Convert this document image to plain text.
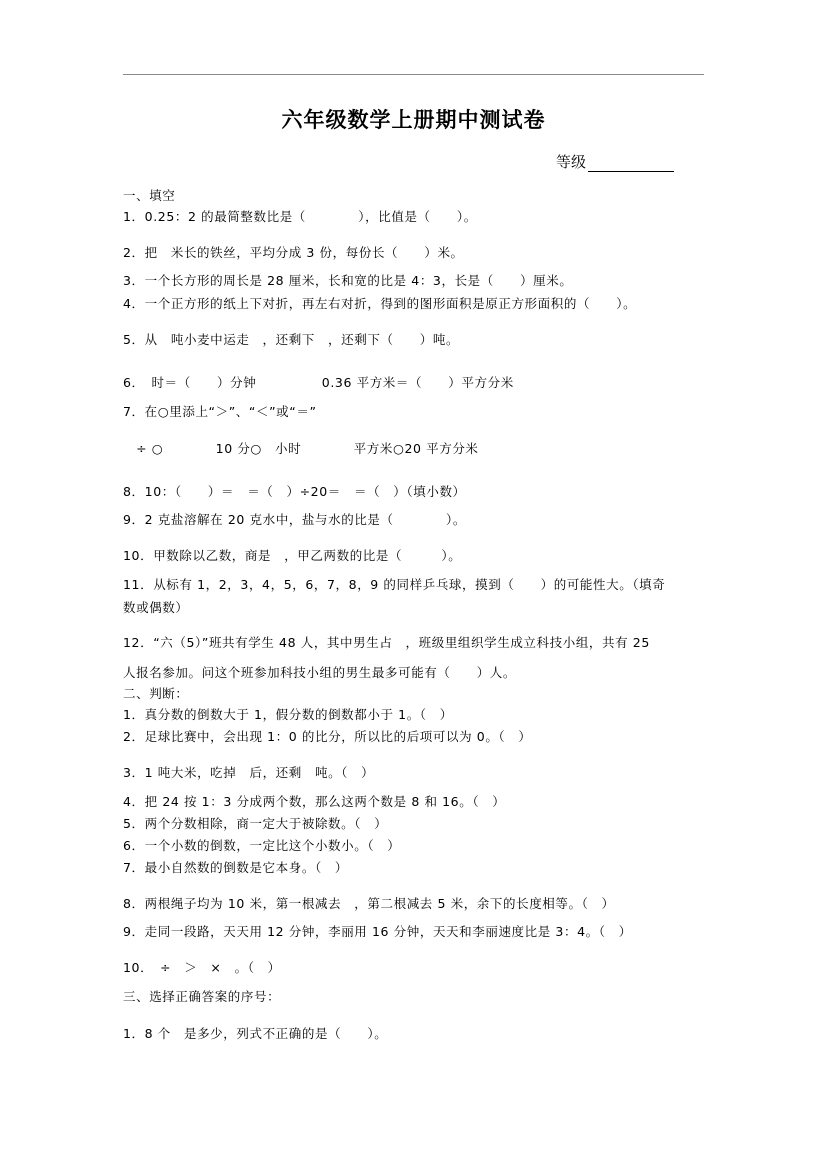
六年级数学上册期中测试卷
等级
一、填空
1．0.25：2 的最简整数比是（　　　　），比值是（　　）。
2．把　米长的铁丝，平均分成 3 份，每份长（　　）米。
3．一个长方形的周长是 28 厘米，长和宽的比是 4：3，长是（　　）厘米。
4．一个正方形的纸上下对折，再左右对折，得到的图形面积是原正方形面积的（　　）。
5．从　吨小麦中运走　，还剩下　，还剩下（　　）吨。
6．　时＝（　　）分钟　　　　　0.36 平方米＝（　　）平方分米
7．在○里添上“＞”、“＜”或“＝”
　÷ ○　　　　10 分○　小时　　　　平方米○20 平方分米
8．10：（　　）＝　＝（　）÷20＝　＝（　）（填小数）
9．2 克盐溶解在 20 克水中，盐与水的比是（　　　　）。
10．甲数除以乙数，商是　，甲乙两数的比是（　　　）。
11．从标有 1，2，3，4，5，6，7，8，9 的同样乒乓球，摸到（　　）的可能性大。（填奇
数或偶数）
12．“六（5）”班共有学生 48 人，其中男生占　，班级里组织学生成立科技小组，共有 25
人报名参加。问这个班参加科技小组的男生最多可能有（　　）人。
二、判断：
1．真分数的倒数大于 1，假分数的倒数都小于 1。（　）
2．足球比赛中，会出现 1：0 的比分，所以比的后项可以为 0。（　）
3．1 吨大米，吃掉　后，还剩　吨。（　）
4．把 24 按 1：3 分成两个数，那么这两个数是 8 和 16。（　）
5．两个分数相除，商一定大于被除数。（　）
6．一个小数的倒数，一定比这个小数小。（　）
7．最小自然数的倒数是它本身。（　）
8．两根绳子均为 10 米，第一根减去　，第二根减去 5 米，余下的长度相等。（　）
9．走同一段路，天天用 12 分钟，李丽用 16 分钟，天天和李丽速度比是 3：4。（　）
10．　÷　＞　×　。（　）
三、选择正确答案的序号：
1．8 个　是多少，列式不正确的是（　　）。
